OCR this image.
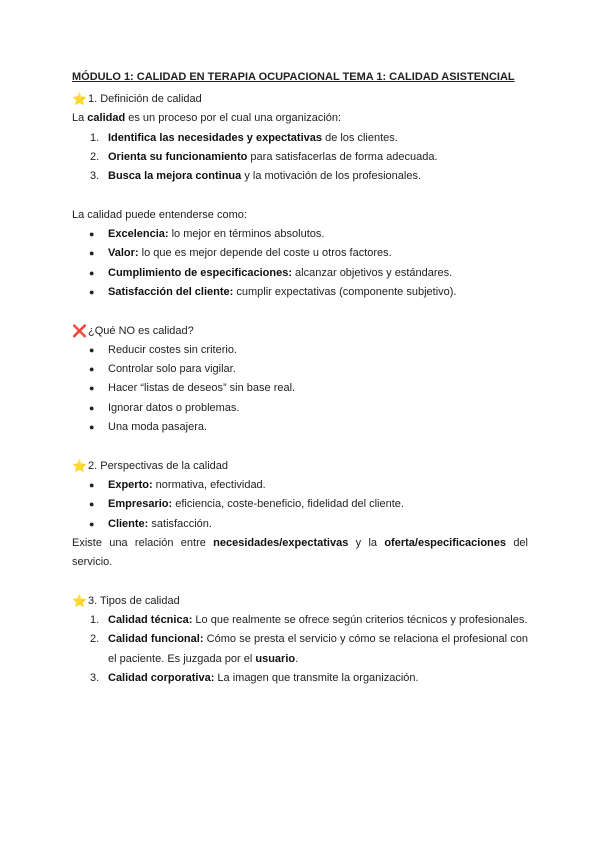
MÓDULO 1: CALIDAD EN TERAPIA OCUPACIONAL TEMA 1: CALIDAD ASISTENCIAL
⭐ 1. Definición de calidad
La calidad es un proceso por el cual una organización:
1. Identifica las necesidades y expectativas de los clientes.
2. Orienta su funcionamiento para satisfacerlas de forma adecuada.
3. Busca la mejora continua y la motivación de los profesionales.
La calidad puede entenderse como:
● Excelencia: lo mejor en términos absolutos.
● Valor: lo que es mejor depende del coste u otros factores.
● Cumplimiento de especificaciones: alcanzar objetivos y estándares.
● Satisfacción del cliente: cumplir expectativas (componente subjetivo).
❌ ¿Qué NO es calidad?
● Reducir costes sin criterio.
● Controlar solo para vigilar.
● Hacer “listas de deseos” sin base real.
● Ignorar datos o problemas.
● Una moda pasajera.
⭐ 2. Perspectivas de la calidad
● Experto: normativa, efectividad.
● Empresario: eficiencia, coste-beneficio, fidelidad del cliente.
● Cliente: satisfacción.
Existe una relación entre necesidades/expectativas y la oferta/especificaciones del servicio.
⭐ 3. Tipos de calidad
1. Calidad técnica: Lo que realmente se ofrece según criterios técnicos y profesionales.
2. Calidad funcional: Cómo se presta el servicio y cómo se relaciona el profesional con el paciente. Es juzgada por el usuario.
3. Calidad corporativa: La imagen que transmite la organización.
